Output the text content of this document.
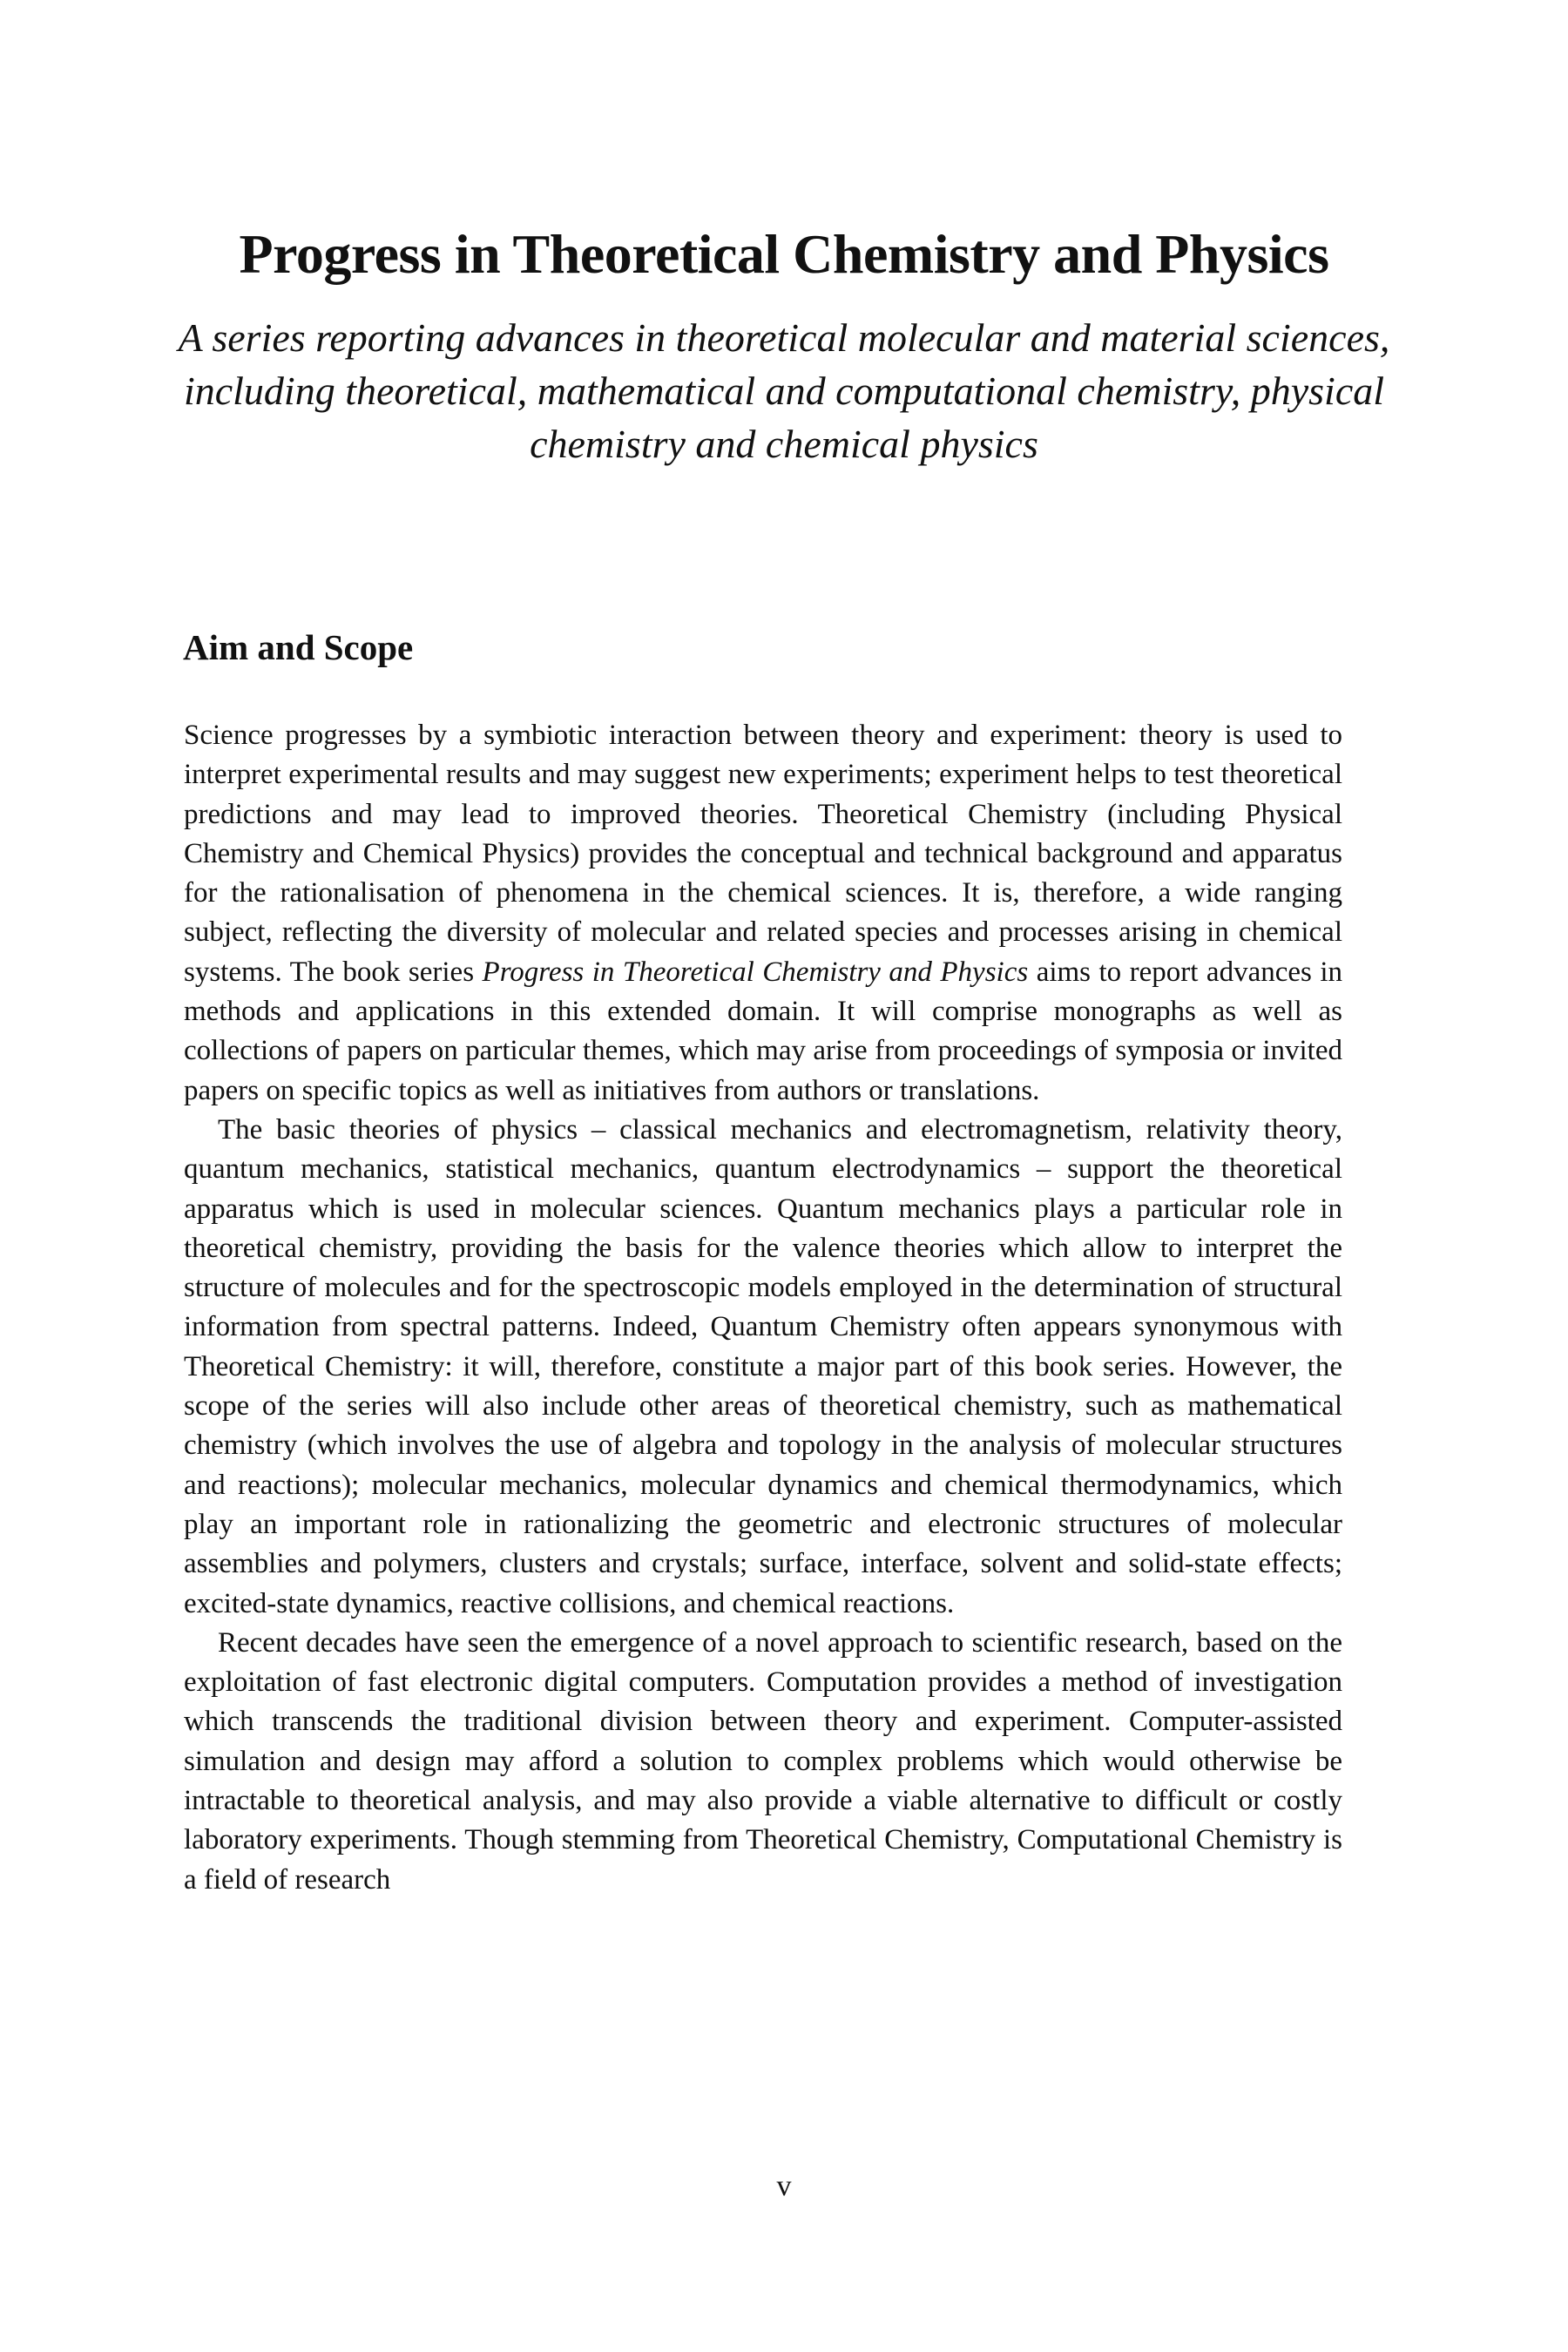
Progress in Theoretical Chemistry and Physics

A series reporting advances in theoretical molecular and material sciences, including theoretical, mathematical and computational chemistry, physical chemistry and chemical physics

Aim and Scope

Science progresses by a symbiotic interaction between theory and experiment: theory is used to interpret experimental results and may suggest new experiments; experiment helps to test theoretical predictions and may lead to improved theories. Theoretical Chemistry (including Physical Chemistry and Chemical Physics) provides the conceptual and technical background and apparatus for the rationalisation of phenomena in the chemical sciences. It is, therefore, a wide ranging subject, reflecting the diversity of molecular and related species and processes arising in chemical systems. The book series Progress in Theoretical Chemistry and Physics aims to report advances in methods and applications in this extended domain. It will comprise monographs as well as collections of papers on particular themes, which may arise from proceedings of symposia or invited papers on specific topics as well as initiatives from authors or translations.

The basic theories of physics – classical mechanics and electromagnetism, relativity theory, quantum mechanics, statistical mechanics, quantum electrodynamics – support the theoretical apparatus which is used in molecular sciences. Quantum mechanics plays a particular role in theoretical chemistry, providing the basis for the valence theories which allow to interpret the structure of molecules and for the spectroscopic models employed in the determination of structural information from spectral patterns. Indeed, Quantum Chemistry often appears synonymous with Theoretical Chemistry: it will, therefore, constitute a major part of this book series. However, the scope of the series will also include other areas of theoretical chemistry, such as mathematical chemistry (which involves the use of algebra and topology in the analysis of molecular structures and reactions); molecular mechanics, molecular dynamics and chemical thermodynamics, which play an important role in rationalizing the geometric and electronic structures of molecular assemblies and polymers, clusters and crystals; surface, interface, solvent and solid-state effects; excited-state dynamics, reactive collisions, and chemical reactions.

Recent decades have seen the emergence of a novel approach to scientific research, based on the exploitation of fast electronic digital computers. Computation provides a method of investigation which transcends the traditional division between theory and experiment. Computer-assisted simulation and design may afford a solution to complex problems which would otherwise be intractable to theoretical analysis, and may also provide a viable alternative to difficult or costly laboratory experiments. Though stemming from Theoretical Chemistry, Computational Chemistry is a field of research

v
